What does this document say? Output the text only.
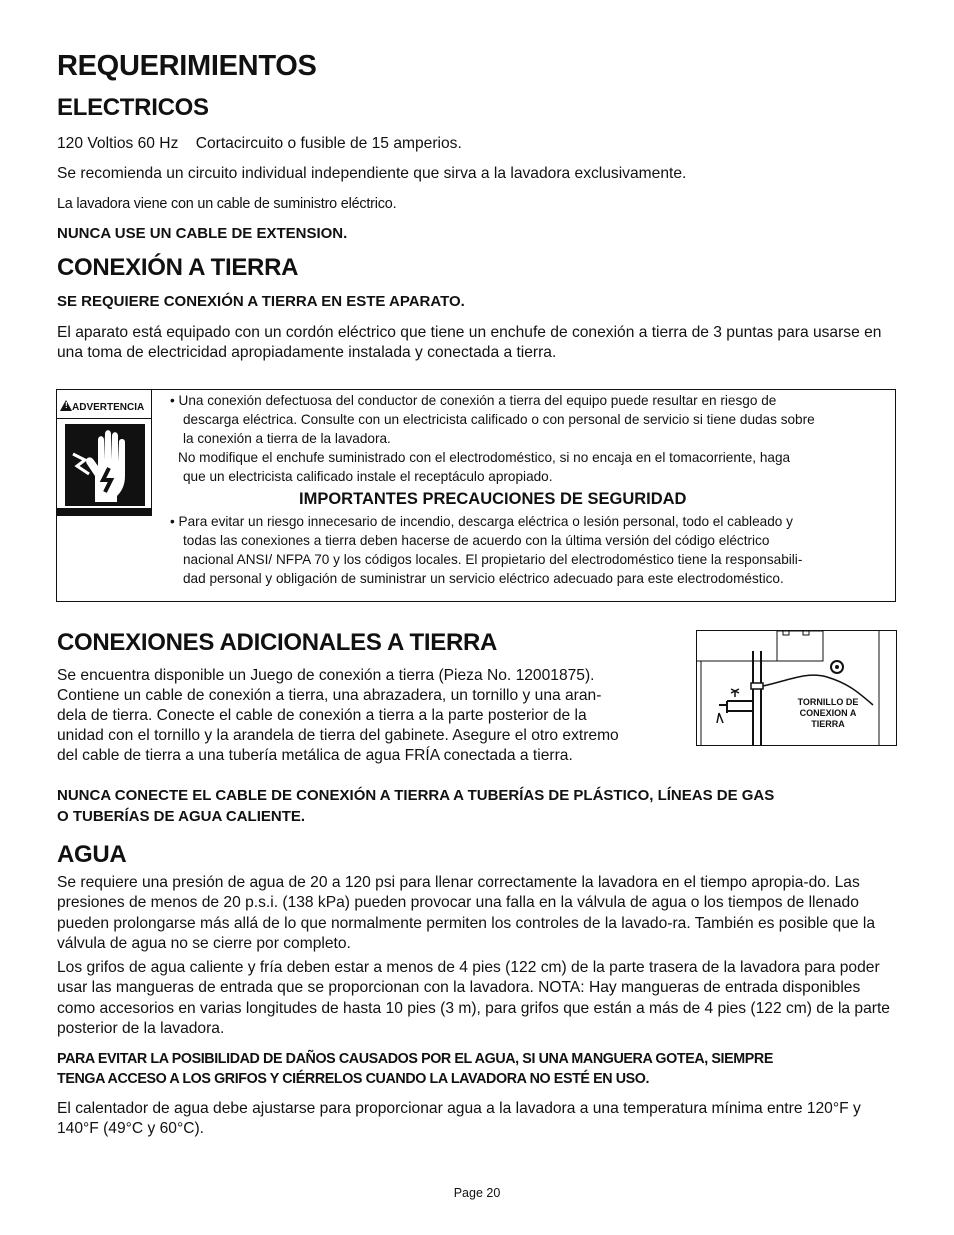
REQUERIMIENTOS
ELECTRICOS

120 Voltios 60 Hz    Cortacircuito o fusible de 15 amperios.

Se recomienda un circuito individual independiente que sirva a la lavadora exclusivamente.

La lavadora viene con un cable de suministro eléctrico.

NUNCA USE UN CABLE DE EXTENSION.

CONEXIÓN A TIERRA

SE REQUIERE CONEXIÓN A TIERRA EN ESTE APARATO.

El aparato está equipado con un cordón eléctrico que tiene un enchufe de conexión a tierra de 3 puntas para usarse en una toma de electricidad apropiadamente instalada y conectada a tierra.

! ADVERTENCIA • Una conexión defectuosa del conductor de conexión a tierra del equipo puede resultar en riesgo de
descarga eléctrica. Consulte con un electricista calificado o con personal de servicio si tiene dudas sobre
la conexión a tierra de la lavadora.
No modifique el enchufe suministrado con el electrodoméstico, si no encaja en el tomacorriente, haga
que un electricista calificado instale el receptáculo apropiado.
IMPORTANTES PRECAUCIONES DE SEGURIDAD
• Para evitar un riesgo innecesario de incendio, descarga eléctrica o lesión personal, todo el cableado y
todas las conexiones a tierra deben hacerse de acuerdo con la última versión del código eléctrico
nacional ANSI/ NFPA 70 y los códigos locales. El propietario del electrodoméstico tiene la responsabili-
dad personal y obligación de suministrar un servicio eléctrico adecuado para este electrodoméstico.
CONEXIONES ADICIONALES A TIERRA

Se encuentra disponible un Juego de conexión a tierra (Pieza No. 12001875).

Contiene un cable de conexión a tierra, una abrazadera, un tornillo y una aran-

dela de tierra. Conecte el cable de conexión a tierra a la parte posterior de la

unidad con el tornillo y la arandela de tierra del gabinete. Asegure el otro extremo

del cable de tierra a una tubería metálica de agua FRÍA conectada a tierra.

TORNILLO DE CONEXION A TIERRA

NUNCA CONECTE EL CABLE DE CONEXIÓN A TIERRA A TUBERÍAS DE PLÁSTICO, LÍNEAS DE GAS

O TUBERÍAS DE AGUA CALIENTE.

AGUA

Se requiere una presión de agua de 20 a 120 psi para llenar correctamente la lavadora en el tiempo apropia-do. Las presiones de menos de 20 p.s.i. (138 kPa) pueden provocar una falla en la válvula de agua o los tiempos de llenado pueden prolongarse más allá de lo que normalmente permiten los controles de la lavado-ra. También es posible que la válvula de agua no se cierre por completo.

Los grifos de agua caliente y fría deben estar a menos de 4 pies (122 cm) de la parte trasera de la lavadora para poder usar las mangueras de entrada que se proporcionan con la lavadora. NOTA: Hay mangueras de entrada disponibles como accesorios en varias longitudes de hasta 10 pies (3 m), para grifos que están a más de 4 pies (122 cm) de la parte posterior de la lavadora.

PARA EVITAR LA POSIBILIDAD DE DAÑOS CAUSADOS POR EL AGUA, SI UNA MANGUERA GOTEA, SIEMPRE

TENGA ACCESO A LOS GRIFOS Y CIÉRRELOS CUANDO LA LAVADORA NO ESTÉ EN USO.

El calentador de agua debe ajustarse para proporcionar agua a la lavadora a una temperatura mínima entre 120°F y 140°F (49°C y 60°C).

Page 20
